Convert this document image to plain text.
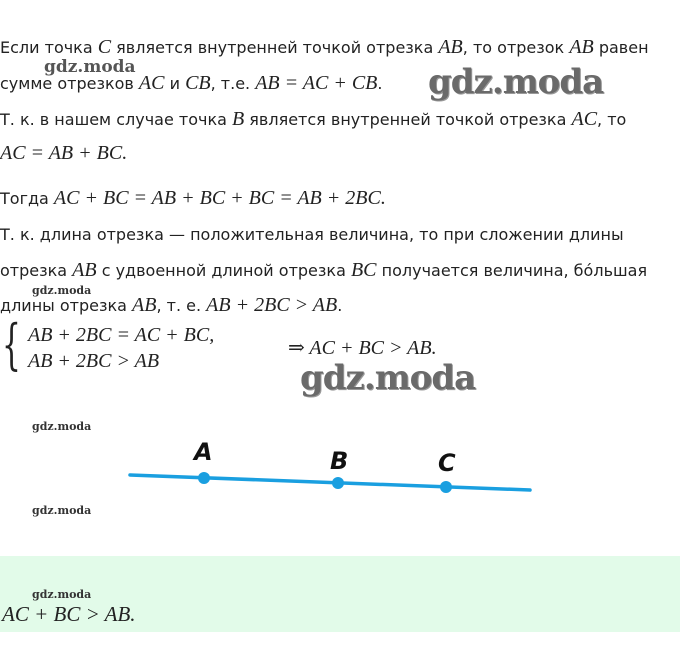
Если точка C является внутренней точкой отрезка AB, то отрезок AB равен
сумме отрезков AC и CB, т.е. AB = AC + CB.
Т. к. в нашем случае точка B является внутренней точкой отрезка AC, то
AC = AB + BC.
Тогда AC + BC = AB + BC + BC = AB + 2BC.
Т. к. длина отрезка — положительная величина, то при сложении длины
отрезка AB с удвоенной длиной отрезка BC получается величина, бóльшая
длины отрезка AB, т. е. AB + 2BC > AB.
{ AB + 2BC = AC + BC,
AB + 2BC > AB
⇒ AC + BC > AB.
gdz.moda	gdz.moda
gdz.moda
gdz.moda
gdz.moda
gdz.moda
A	B	C
gdz.moda
AC + BC > AB.
